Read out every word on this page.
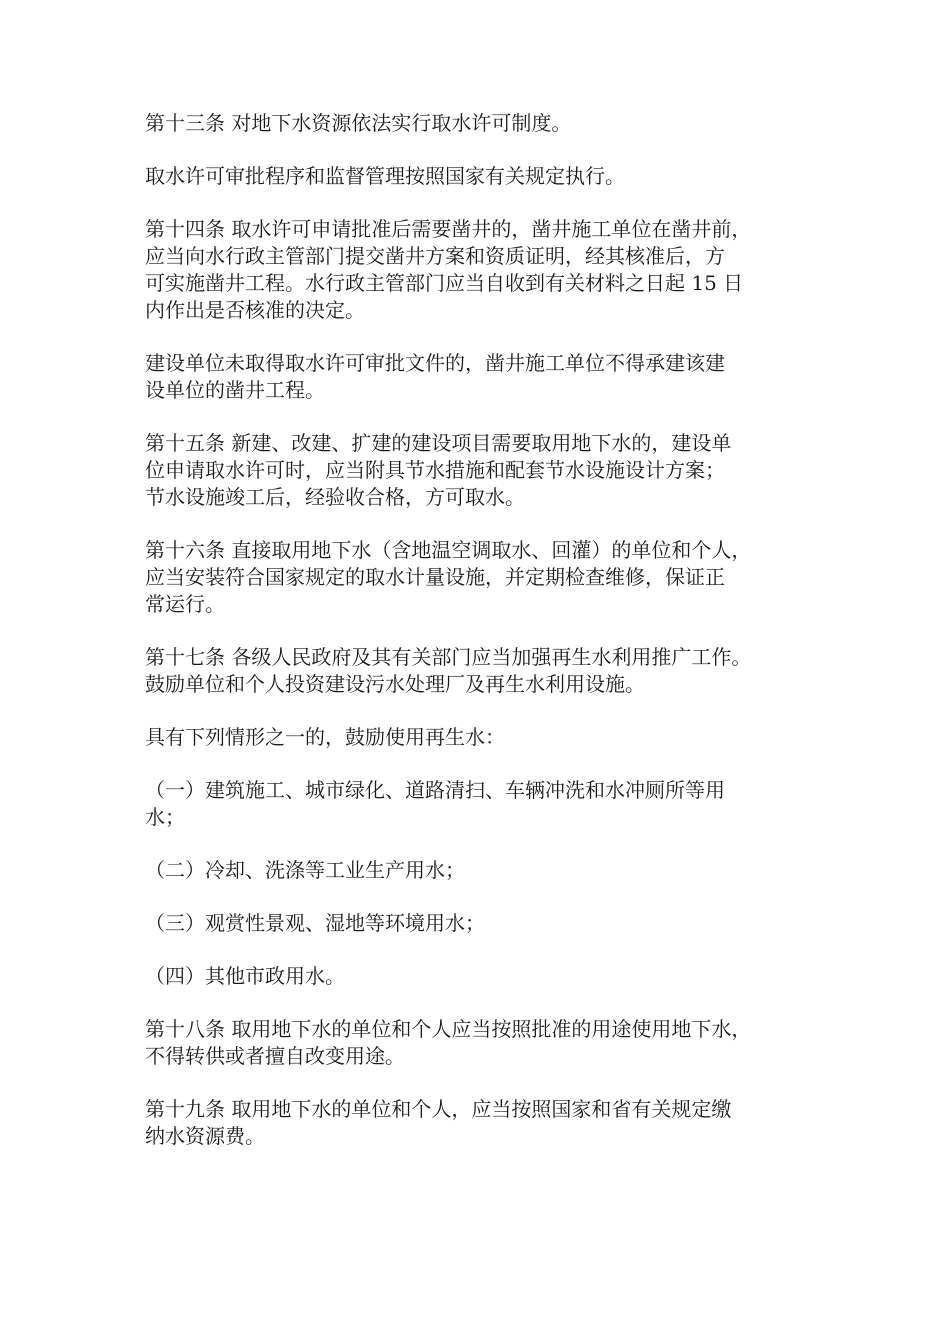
第十三条 对地下水资源依法实行取水许可制度。

取水许可审批程序和监督管理按照国家有关规定执行。

第十四条 取水许可申请批准后需要凿井的，凿井施工单位在凿井前，
应当向水行政主管部门提交凿井方案和资质证明，经其核准后，方
可实施凿井工程。水行政主管部门应当自收到有关材料之日起 15 日
内作出是否核准的决定。

建设单位未取得取水许可审批文件的，凿井施工单位不得承建该建
设单位的凿井工程。

第十五条 新建、改建、扩建的建设项目需要取用地下水的，建设单
位申请取水许可时，应当附具节水措施和配套节水设施设计方案；
节水设施竣工后，经验收合格，方可取水。

第十六条 直接取用地下水（含地温空调取水、回灌）的单位和个人，
应当安装符合国家规定的取水计量设施，并定期检查维修，保证正
常运行。

第十七条 各级人民政府及其有关部门应当加强再生水利用推广工作。
鼓励单位和个人投资建设污水处理厂及再生水利用设施。

具有下列情形之一的，鼓励使用再生水：

（一）建筑施工、城市绿化、道路清扫、车辆冲洗和水冲厕所等用
水；

（二）冷却、洗涤等工业生产用水；

（三）观赏性景观、湿地等环境用水；

（四）其他市政用水。

第十八条 取用地下水的单位和个人应当按照批准的用途使用地下水，
不得转供或者擅自改变用途。

第十九条 取用地下水的单位和个人，应当按照国家和省有关规定缴
纳水资源费。
